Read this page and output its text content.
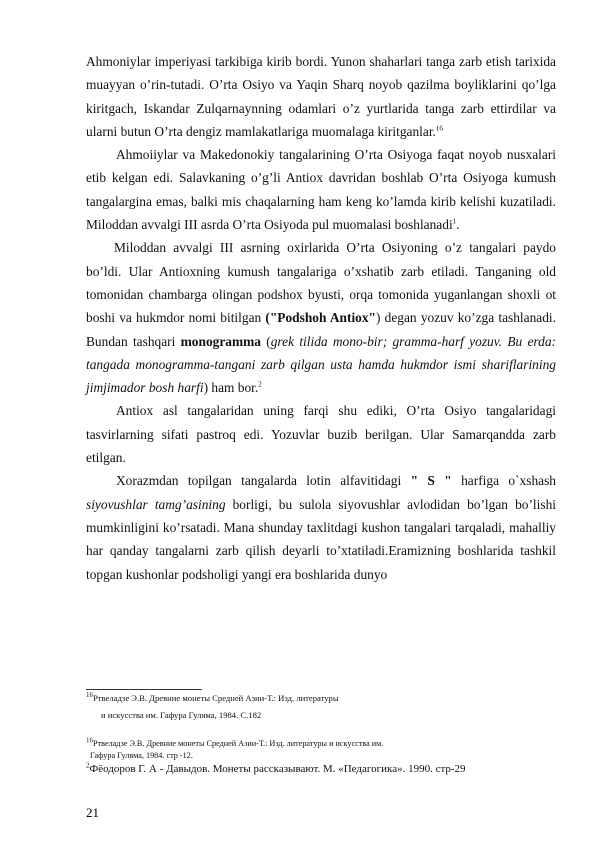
Ahmoniylar imperiyasi tarkibiga kirib bordi. Yunon shaharlari tanga zarb etish tarixida muayyan o’rin-tutadi. O’rta Osiyo va Yaqin Sharq noyob qazilma boyliklarini qo’lga kiritgach, Iskandar Zulqarnaynning odamlari o’z yurtlarida tanga zarb ettirdilar va ularni butun O’rta dengiz mamlakatlariga muomalaga kiritganlar.$^{16}$

Ahmoiiylar va Makedonokiy tangalarining O’rta Osiyoga faqat noyob nusxalari etib kelgan edi. Salavkaning o’g’li Antiox davridan boshlab O’rta Osiyoga kumush tangalargina emas, balki mis chaqalarning ham keng ko’lamda kirib kelishi kuzatiladi. Miloddan avvalgi III asrda O’rta Osiyoda pul muomalasi boshlanadi$^1$.

Miloddan avvalgi III asrning oxirlarida O’rta Osiyoning o’z tangalari paydo bo’ldi. Ular Antioxning kumush tangalariga o’xshatib zarb etiladi. Tanganing old tomonidan chambarga olingan podshox byusti, orqa tomonida yuganlangan shoxli ot boshi va hukmdor nomi bitilgan ("Podshoh Antiox") degan yozuv ko’zga tashlanadi. Bundan tashqari monogramma (grek tilida mono-bir; gramma-harf yozuv. Bu erda: tangada monogramma-tangani zarb qilgan usta hamda hukmdor ismi shariflarining jimjimador bosh harfi) ham bor.$^2$

Antiox asl tangalaridan uning farqi shu ediki, O’rta Osiyo tangalaridagi tasvirlarning sifati pastroq edi. Yozuvlar buzib berilgan. Ular Samarqandda zarb etilgan.

Xorazmdan topilgan tangalarda lotin alfavitidagi " S " harfiga o`xshash siyovushlar tamg’asining borligi, bu sulola siyovushlar avlodidan bo’lgan bo’lishi mumkinligini ko’rsatadi. Mana shunday taxlitdagi kushon tangalari tarqaladi, mahalliy har qanday tangalarni zarb qilish deyarli to’xtatiladi.Eramizning boshlarida tashkil topgan kushonlar podsholigi yangi era boshlarida dunyo

$^{16}$Ртвеладзе Э.В. Древние монеты Средней Азии-Т.: Изд. литературы
и искусства им. Гафура Гуляма, 1984. С.182
$^{16}$Ртвеладзе Э.В. Древние монеты Средней Азии-Т.: Изд. литературы и искусства им.
Гафура Гуляма, 1984. стр -12.
$^2$Фёодоров Г. А - Давыдов. Монеты рассказывают. М. «Педагогика». 1990. стр-29
21
